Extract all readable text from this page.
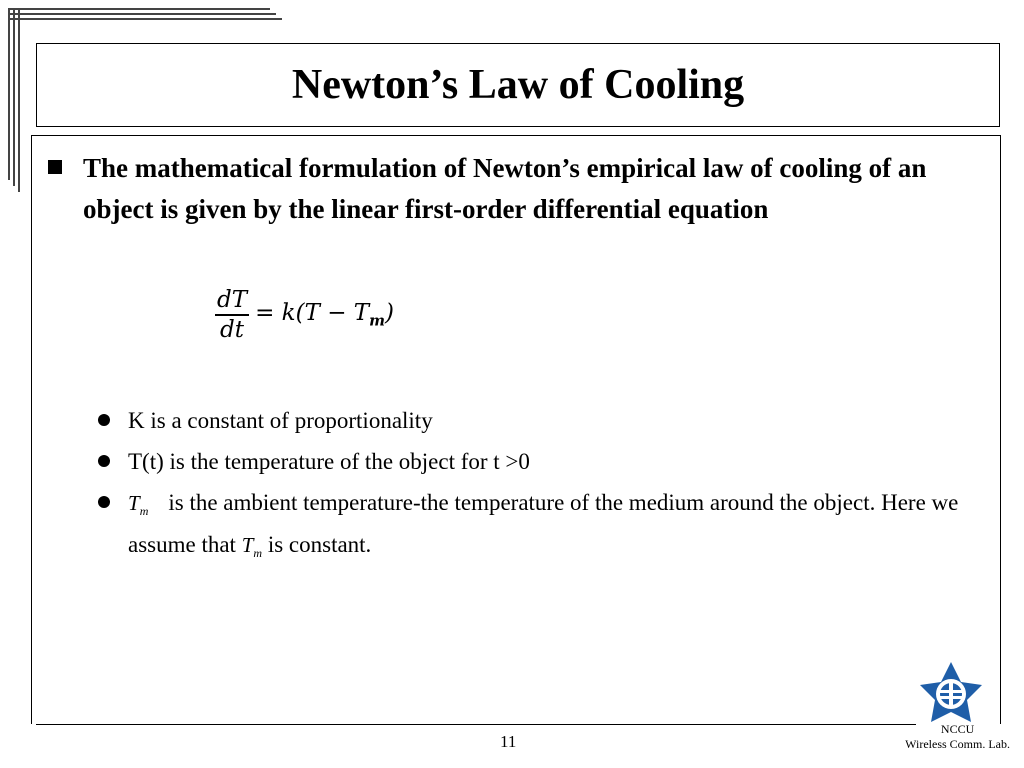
Newton’s Law of Cooling
The mathematical formulation of Newton’s empirical law of cooling of an object is given by the linear first-order differential equation
$\frac{dT}{dt} = k(T - T_m)$
K is a constant of proportionality
T(t) is the temperature of the object for t >0
$T_m$ is the ambient temperature-the temperature of the medium around the object. Here we assume that $T_m$ is constant.
11
NCCU
Wireless Comm. Lab.
